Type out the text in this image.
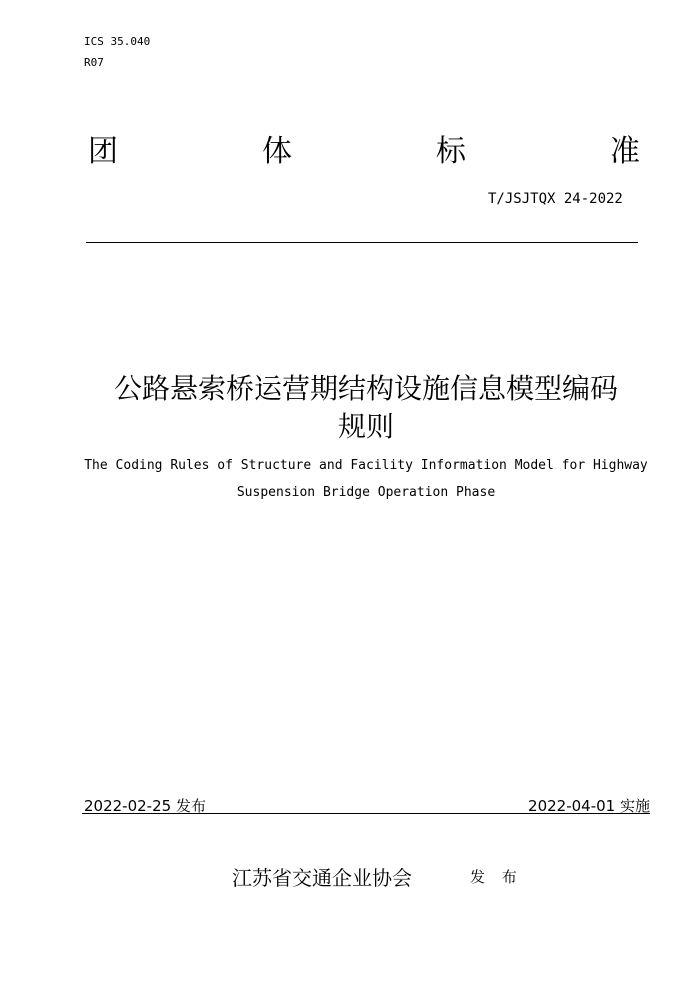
ICS 35.040
R07
团	体	标	准
T/JSJTQX 24-2022
公路悬索桥运营期结构设施信息模型编码
规则
The Coding Rules of Structure and Facility Information Model for Highway
Suspension Bridge Operation Phase
2022-02-25 发布	2022-04-01 实施
江苏省交通企业协会	发 布
